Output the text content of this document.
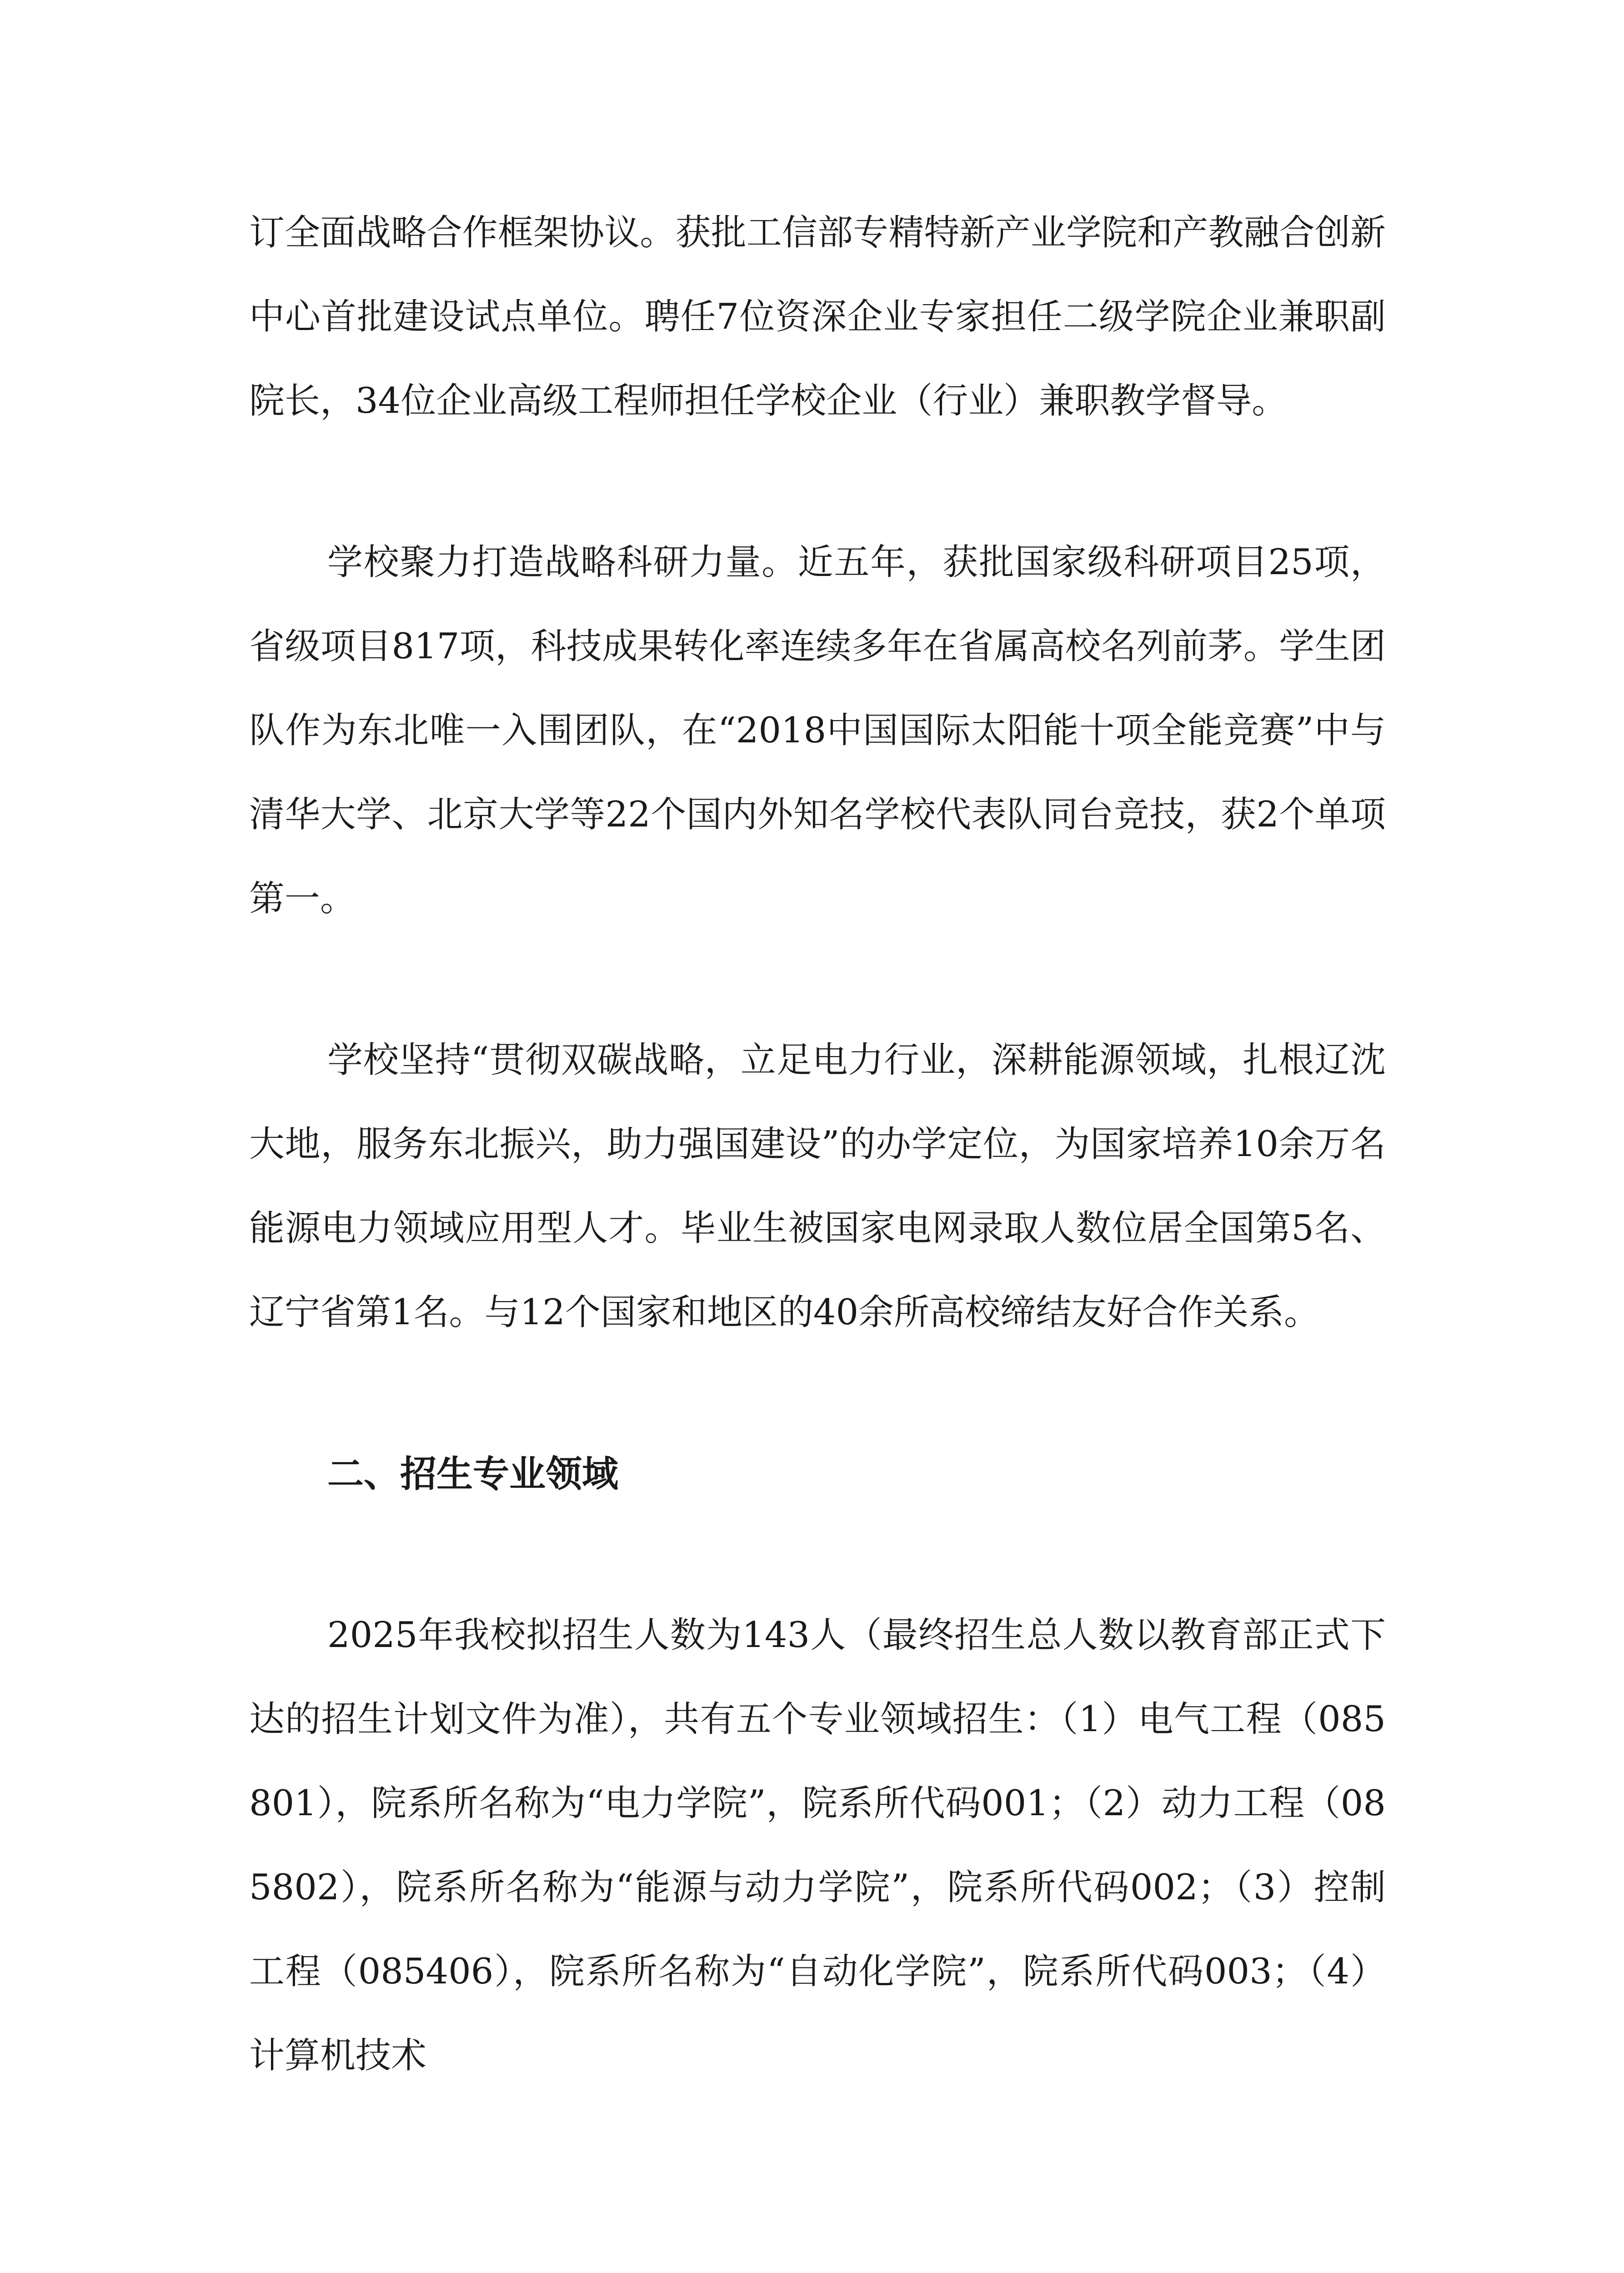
订全面战略合作框架协议。获批工信部专精特新产业学院和产教融合创新中心首批建设试点单位。聘任7位资深企业专家担任二级学院企业兼职副院长，34位企业高级工程师担任学校企业（行业）兼职教学督导。

学校聚力打造战略科研力量。近五年，获批国家级科研项目25项，省级项目817项，科技成果转化率连续多年在省属高校名列前茅。学生团队作为东北唯一入围团队，在“2018中国国际太阳能十项全能竞赛”中与清华大学、北京大学等22个国内外知名学校代表队同台竞技，获2个单项第一。

学校坚持“贯彻双碳战略，立足电力行业，深耕能源领域，扎根辽沈大地，服务东北振兴，助力强国建设”的办学定位，为国家培养10余万名能源电力领域应用型人才。毕业生被国家电网录取人数位居全国第5名、辽宁省第1名。与12个国家和地区的40余所高校缔结友好合作关系。

二、招生专业领域

2025年我校拟招生人数为143人（最终招生总人数以教育部正式下达的招生计划文件为准），共有五个专业领域招生：（1）电气工程（085801），院系所名称为“电力学院”，院系所代码001；（2）动力工程（085802），院系所名称为“能源与动力学院”，院系所代码002；（3）控制工程（085406），院系所名称为“自动化学院”，院系所代码003；（4）计算机技术
